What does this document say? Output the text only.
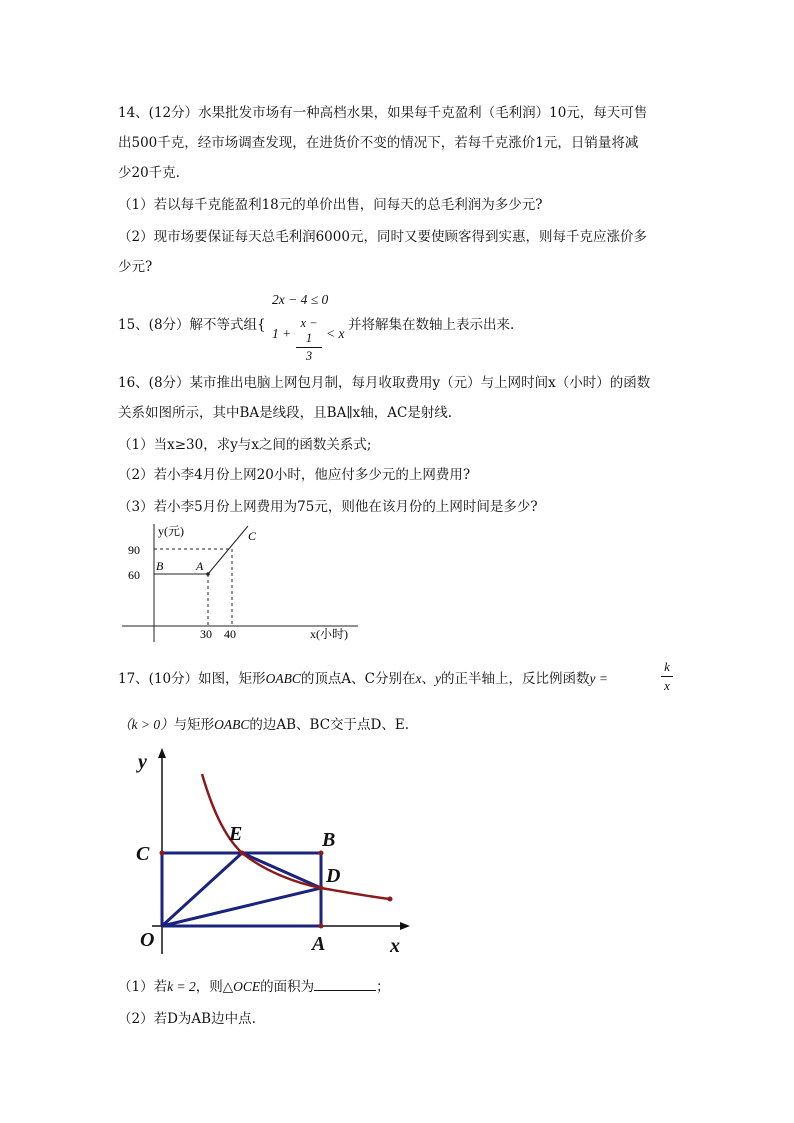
14、(12分）水果批发市场有一种高档水果，如果每千克盈利（毛利润）10元，每天可售
出500千克，经市场调查发现，在进货价不变的情况下，若每千克涨价1元，日销量将减
少20千克.
（1）若以每千克能盈利18元的单价出售，问每天的总毛利润为多少元?
（2）现市场要保证每天总毛利润6000元，同时又要使顾客得到实惠，则每千克应涨价多
少元?
15、(8分）解不等式组{
2x − 4 ≤ 0
1 +
x − 1
3
< x
并将解集在数轴上表示出来.
16、(8分）某市推出电脑上网包月制，每月收取费用y（元）与上网时间x（小时）的函数
关系如图所示，其中BA是线段，且BA∥x轴，AC是射线.
（1）当x≥30，求y与x之间的函数关系式;
（2）若小李4月份上网20小时，他应付多少元的上网费用?
（3）若小李5月份上网费用为75元，则他在该月份的上网时间是多少?
y(元)
x(小时)
90
60
30 40
B	A
C
17、(10分）如图，矩形OABC的顶点A、C分别在x、y的正半轴上，反比例函数y =
k
x
（k > 0）与矩形OABC的边AB、BC交于点D、E.
y
x
O	A
B
C
D
E
（1）若k = 2，则△OCE的面积为	；
（2）若D为AB边中点.
